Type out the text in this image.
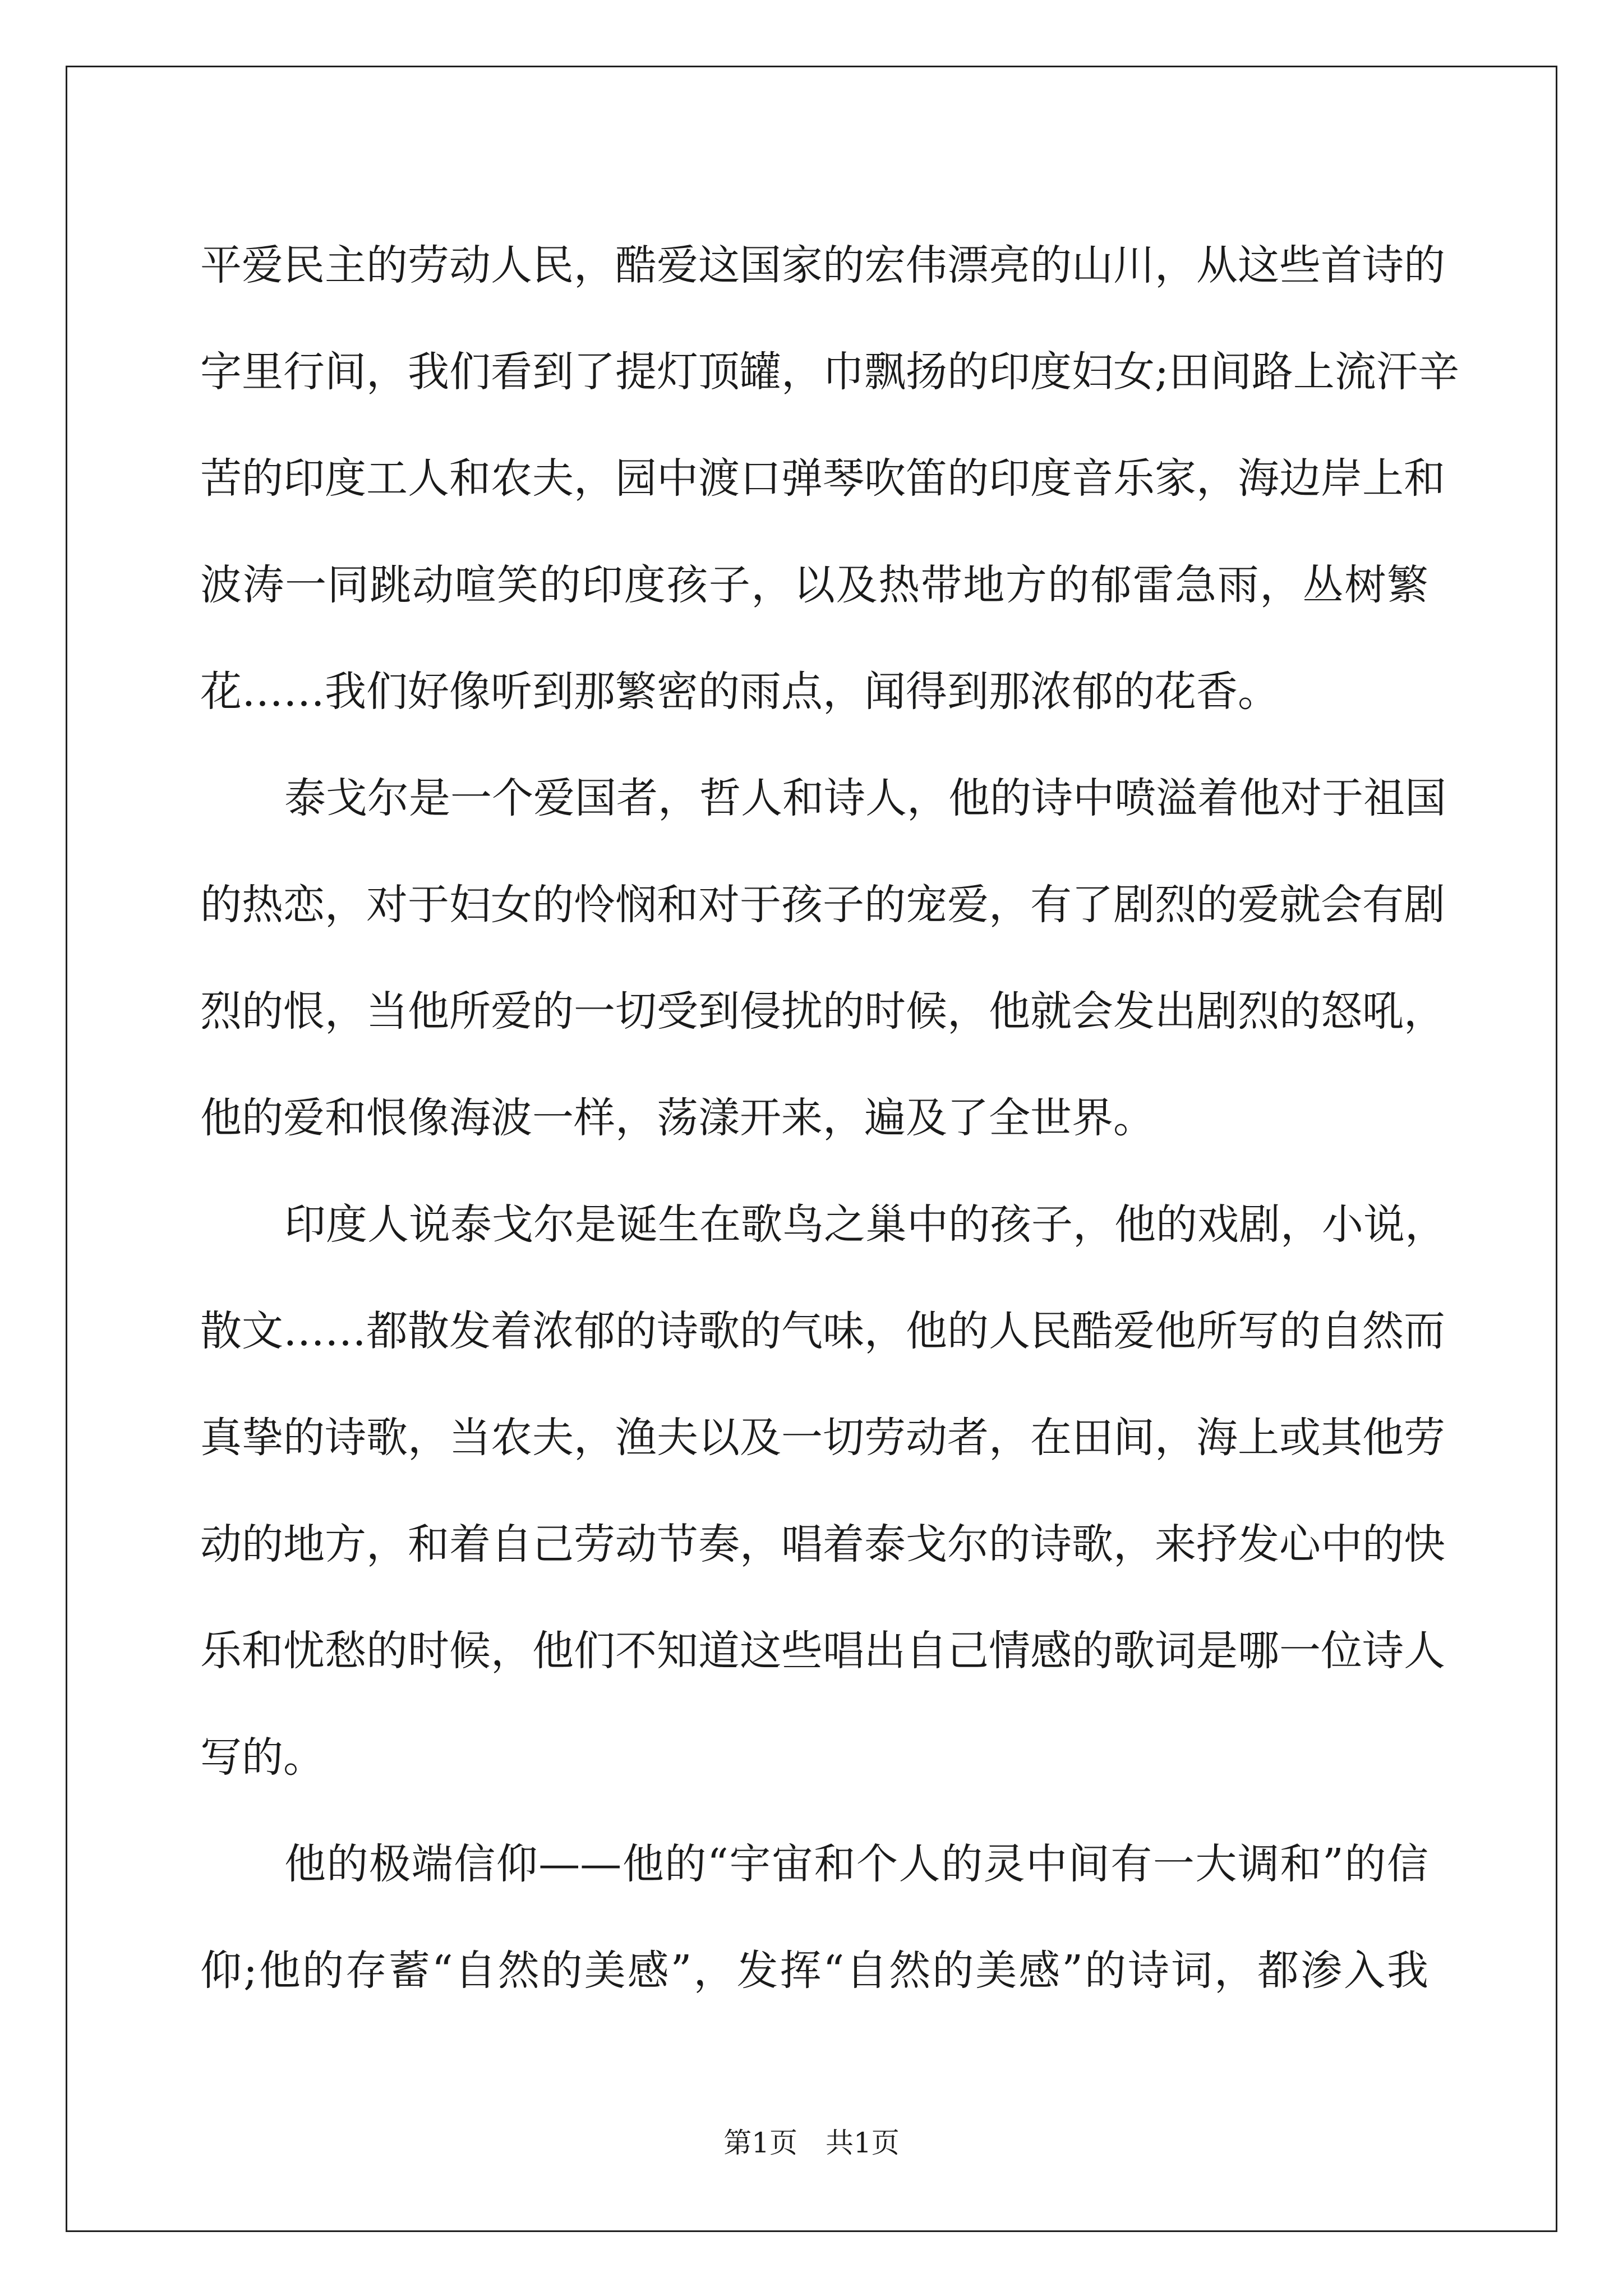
平爱民主的劳动人民，酷爱这国家的宏伟漂亮的山川，从这些首诗的
字里行间，我们看到了提灯顶罐，巾飘扬的印度妇女;田间路上流汗辛
苦的印度工人和农夫，园中渡口弹琴吹笛的印度音乐家，海边岸上和
波涛一同跳动喧笑的印度孩子，以及热带地方的郁雷急雨，丛树繁
花……我们好像听到那繁密的雨点，闻得到那浓郁的花香。
泰戈尔是一个爱国者，哲人和诗人，他的诗中喷溢着他对于祖国
的热恋，对于妇女的怜悯和对于孩子的宠爱，有了剧烈的爱就会有剧
烈的恨，当他所爱的一切受到侵扰的时候，他就会发出剧烈的怒吼，
他的爱和恨像海波一样，荡漾开来，遍及了全世界。
印度人说泰戈尔是诞生在歌鸟之巢中的孩子，他的戏剧，小说，
散文……都散发着浓郁的诗歌的气味，他的人民酷爱他所写的自然而
真挚的诗歌，当农夫，渔夫以及一切劳动者，在田间，海上或其他劳
动的地方，和着自己劳动节奏，唱着泰戈尔的诗歌，来抒发心中的快
乐和忧愁的时候，他们不知道这些唱出自己情感的歌词是哪一位诗人
写的。
他的极端信仰——他的“宇宙和个人的灵中间有一大调和”的信
仰;他的存蓄“自然的美感”，发挥“自然的美感”的诗词，都渗入我
第1页 共1页
